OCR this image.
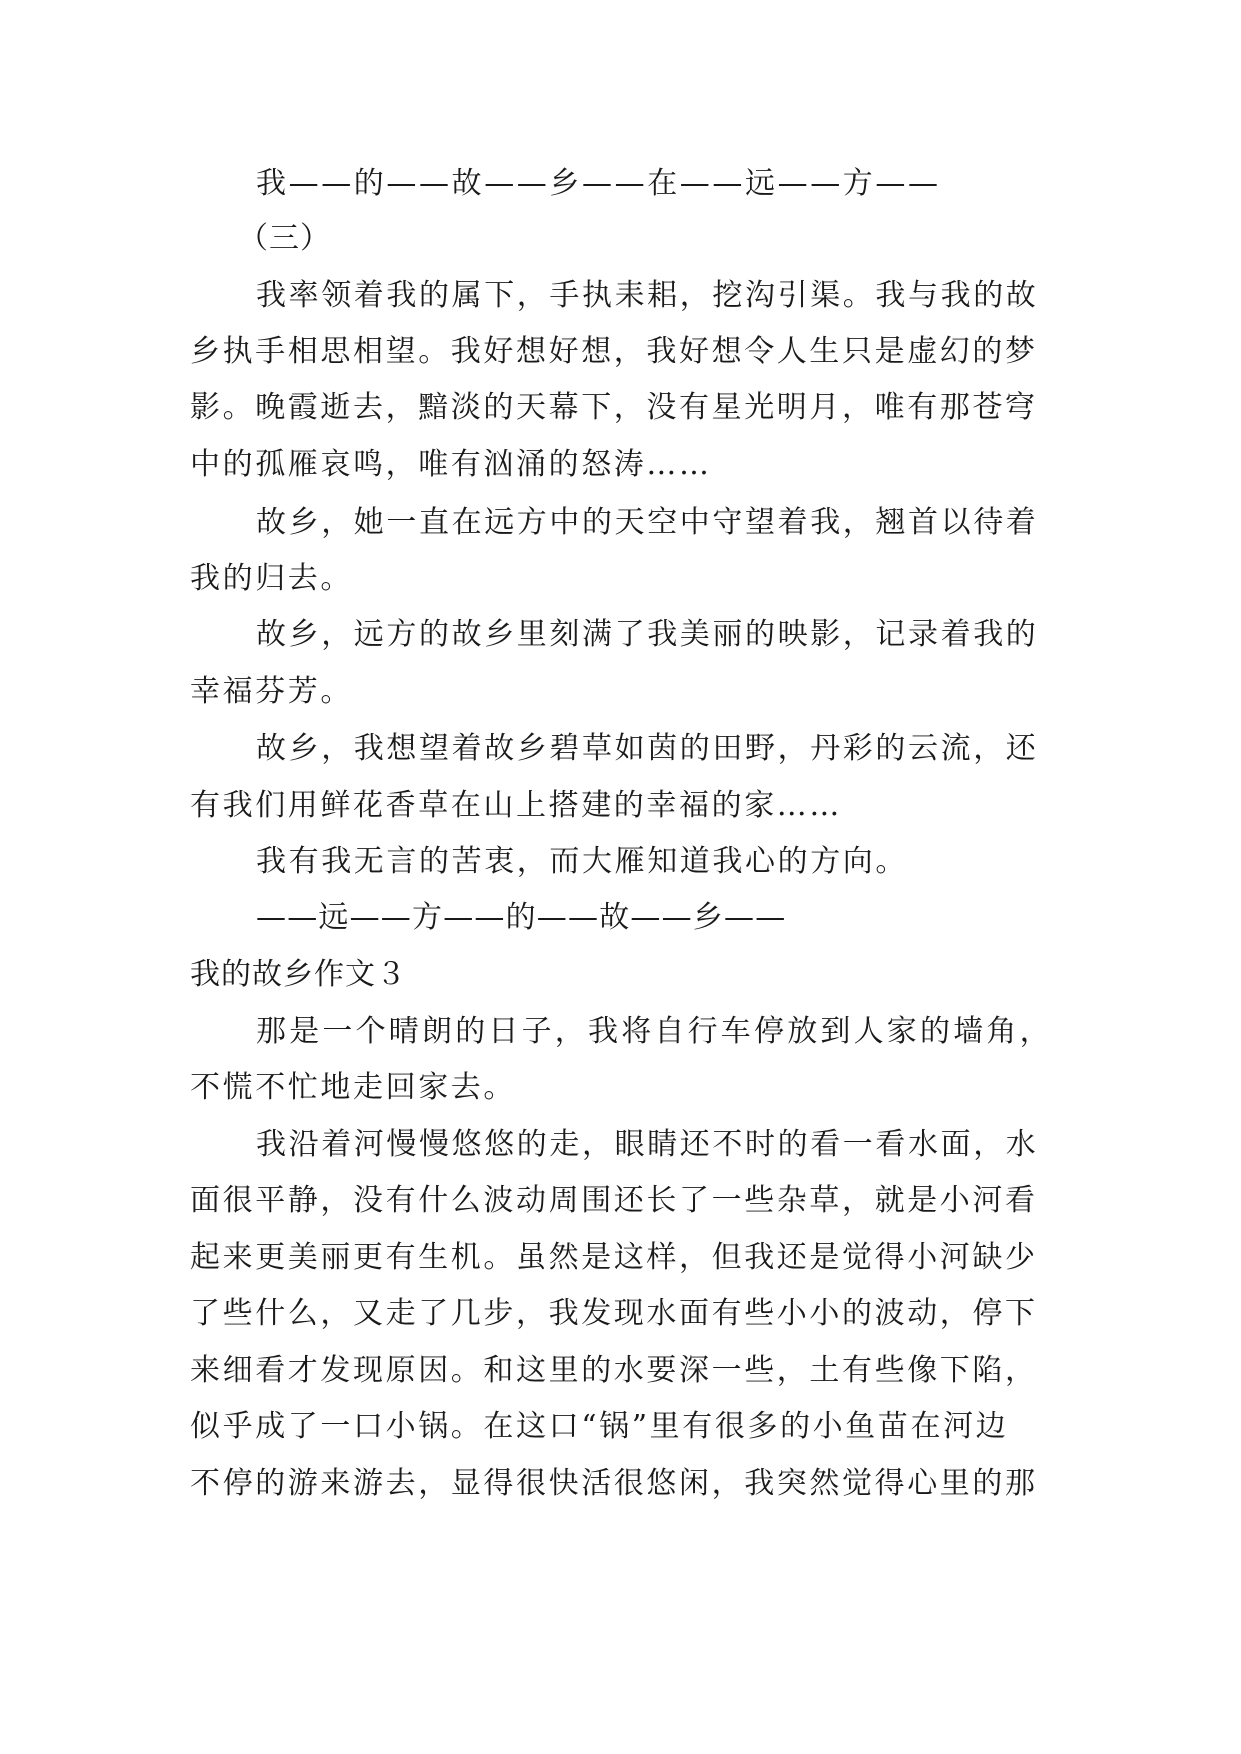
我——的——故——乡——在——远——方——

（三）

我率领着我的属下，手执耒耜，挖沟引渠。我与我的故

乡执手相思相望。我好想好想，我好想令人生只是虚幻的梦

影。晚霞逝去，黯淡的天幕下，没有星光明月，唯有那苍穹

中的孤雁哀鸣，唯有汹涌的怒涛……

故乡，她一直在远方中的天空中守望着我，翘首以待着

我的归去。

故乡，远方的故乡里刻满了我美丽的映影，记录着我的

幸福芬芳。

故乡，我想望着故乡碧草如茵的田野，丹彩的云流，还

有我们用鲜花香草在山上搭建的幸福的家……

我有我无言的苦衷，而大雁知道我心的方向。

——远——方——的——故——乡——

我的故乡作文３

那是一个晴朗的日子，我将自行车停放到人家的墙角，

不慌不忙地走回家去。

我沿着河慢慢悠悠的走，眼睛还不时的看一看水面，水

面很平静，没有什么波动周围还长了一些杂草，就是小河看

起来更美丽更有生机。虽然是这样，但我还是觉得小河缺少

了些什么，又走了几步，我发现水面有些小小的波动，停下

来细看才发现原因。和这里的水要深一些，土有些像下陷，

似乎成了一口小锅。在这口“锅”里有很多的小鱼苗在河边

不停的游来游去，显得很快活很悠闲，我突然觉得心里的那
